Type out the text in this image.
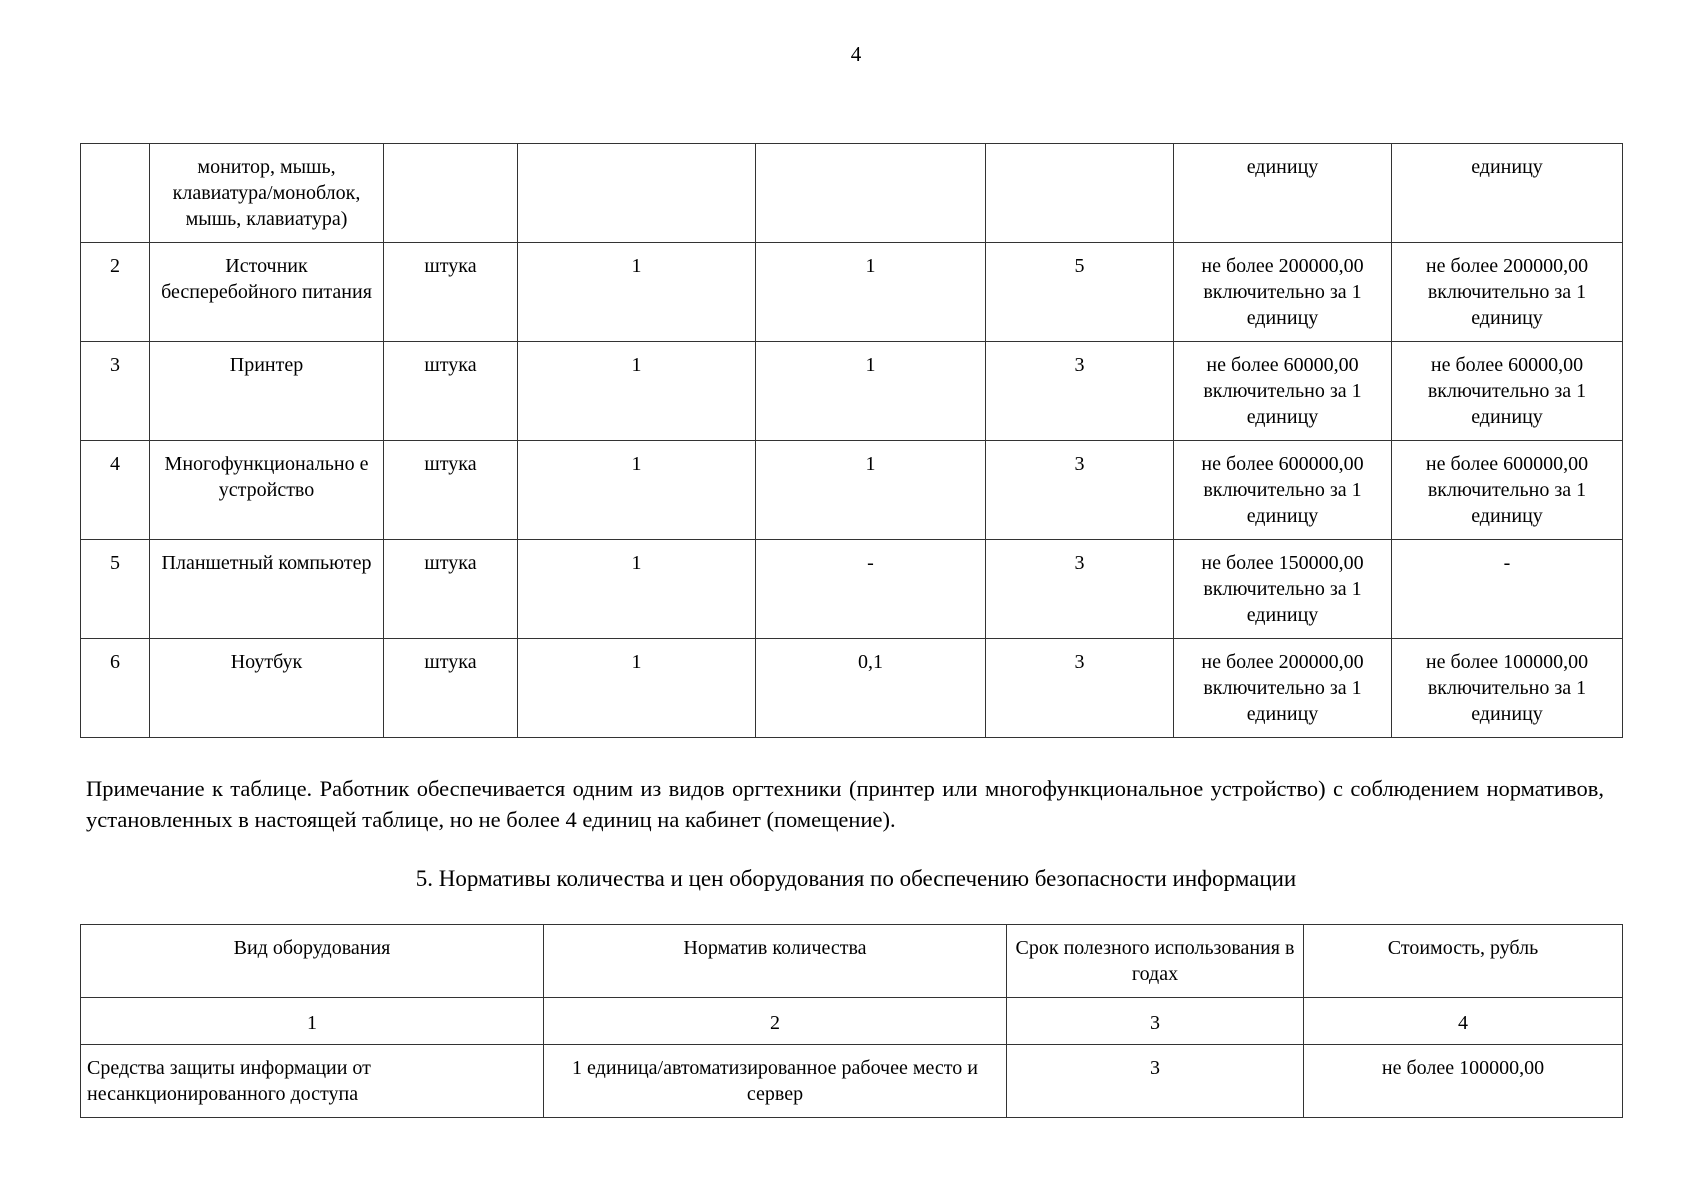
4
	монитор, мышь, клавиатура/моноблок, мышь, клавиатура)					единицу	единицу
2	Источник бесперебойного питания	штука	1	1	5	не более 200000,00 включительно за 1 единицу	не более 200000,00 включительно за 1 единицу
3	Принтер	штука	1	1	3	не более 60000,00 включительно за 1 единицу	не более 60000,00 включительно за 1 единицу
4	Многофункционально е устройство	штука	1	1	3	не более 600000,00 включительно за 1 единицу	не более 600000,00 включительно за 1 единицу
5	Планшетный компьютер	штука	1	-	3	не более 150000,00 включительно за 1 единицу	-
6	Ноутбук	штука	1	0,1	3	не более 200000,00 включительно за 1 единицу	не более 100000,00 включительно за 1 единицу
Примечание к таблице. Работник обеспечивается одним из видов оргтехники (принтер или многофункциональное устройство) с соблюдением нормативов, установленных в настоящей таблице, но не более 4 единиц на кабинет (помещение).
5. Нормативы количества и цен оборудования по обеспечению безопасности информации
Вид оборудования	Норматив количества	Срок полезного использования в годах	Стоимость, рубль
1	2	3	4
Средства защиты информации от несанкционированного доступа	1 единица/автоматизированное рабочее место и сервер	3	не более 100000,00
